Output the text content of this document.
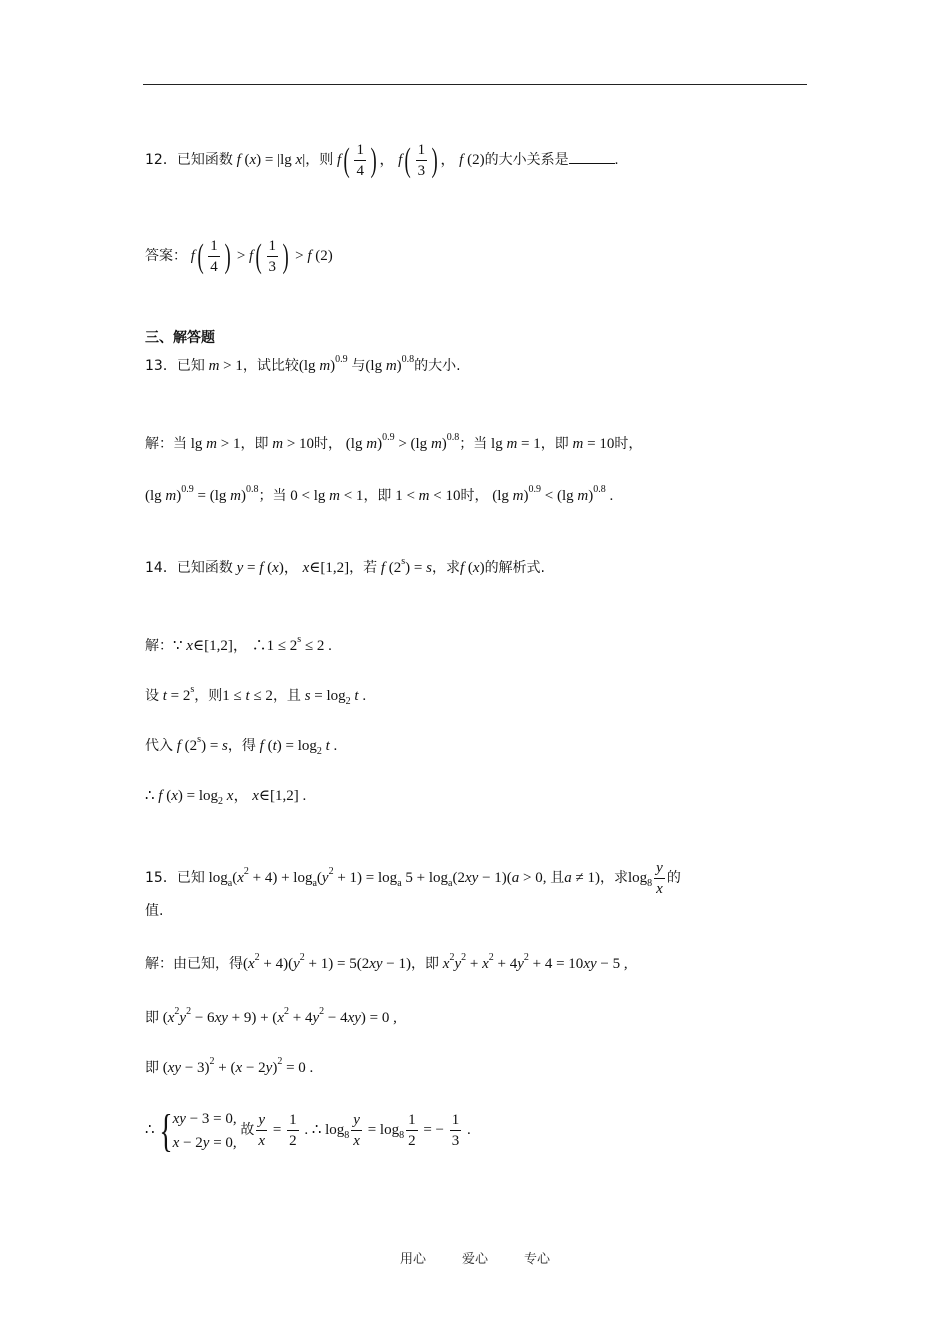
12．已知函数 f (x) = |lg x|，则 $f( \frac{1}{4}$ ) ， $f( \frac{1}{3}$ ) ， f (2)的大小关系是	.
答案： $f( \frac{1}{4}$ ) > $f( \frac{1}{3}$ ) > f (2)
三、解答题
13．已知 m > 1，试比较(lg m)$^{0.9}$ 与(lg m)$^{0.8}$的大小.
解：当 lg m > 1，即 m > 10时， (lg m)$^{0.9}$ > (lg m)$^{0.8}$；当 lg m = 1，即 m = 10时，
(lg m)$^{0.9}$ = (lg m)$^{0.8}$；当 0 < lg m < 1，即 1 < m < 10时， (lg m)$^{0.9}$ < (lg m)$^{0.8}$ .
14．已知函数 y = f (x)， x∈[1,2]，若 f $(2^s) = s$，求f (x)的解析式.
解：∵ x∈[1,2]， ∴1 ≤ $2^s \le 2$ .
设 $t = 2^s$，则1 ≤ t ≤ 2，且 $s = \log_2 t$ .
代入 f $(2^s) = s$，得 f $(t) = \log_2 t$ .
∴ f $(x) = \log_2 x$， x∈[1,2] .
15．已知 $\log_a(x^2 + 4) + \log_a(y^2 + 1) = \log_a 5 + \log_a(2xy - 1)(a > 0$, 且a ≠ 1)，求$\log_8 \frac{y}{x}$ 的
值.
解：由已知，得$(x^2 + 4)(y^2 + 1) = 5(2xy - 1)$，即 $x^2y^2 + x^2 + 4y^2 + 4 = 10xy - 5$ ,
即 $(x^2y^2 - 6xy + 9) + (x^2 + 4y^2 - 4xy) = 0$ ,
即 $(xy - 3)^2 + (x - 2y)^2 = 0$ .
∴{ xy − 3 = 0,
x − 2y = 0,
故 $\frac{y}{x} = \frac{1}{2}$ . ∴ $\log_8 \frac{y}{x} = \log_8 \frac{1}{2}$ = − $\frac{1}{3}$ .
用心	爱心	专心
